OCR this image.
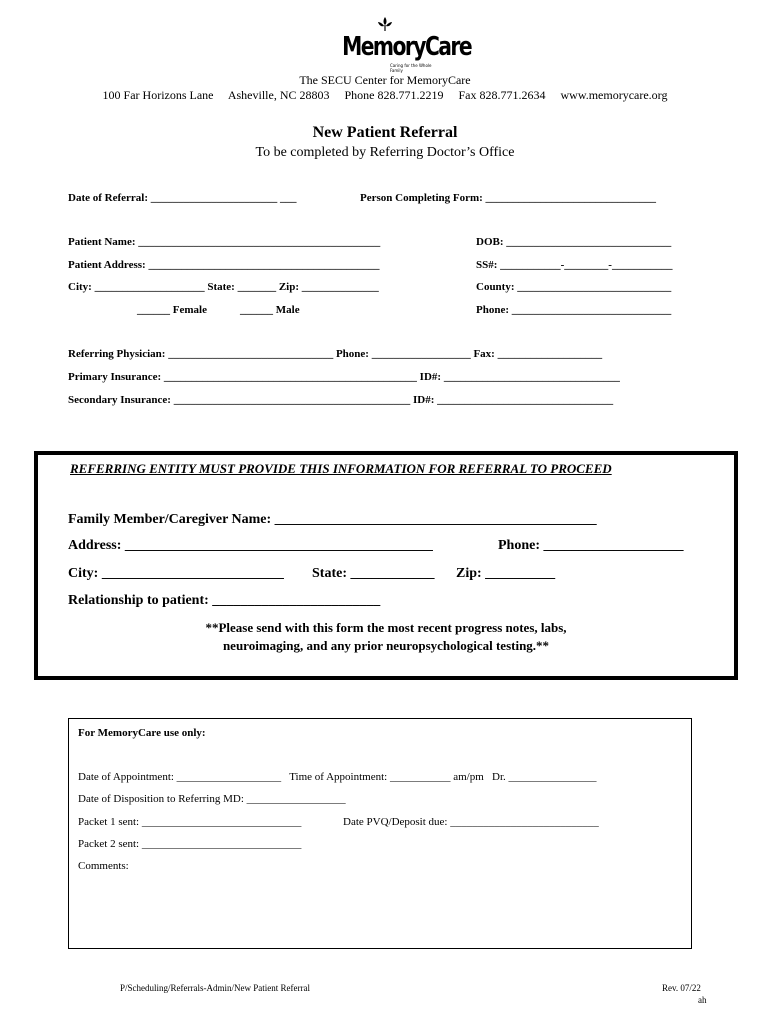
MemoryCare
Caring for the Whole Family
The SECU Center for MemoryCare
100 Far Horizons Lane     Asheville, NC 28803     Phone 828.771.2219     Fax 828.771.2634     www.memorycare.org
New Patient Referral
To be completed by Referring Doctor’s Office
Date of Referral: _______________________ ___	Person Completing Form: _______________________________
Patient Name: ____________________________________________	DOB: ______________________________
Patient Address: __________________________________________	SS#: ___________-________-___________
City: ____________________ State: _______ Zip: ______________	County: ____________________________
______ Female	______ Male	Phone: _____________________________
Referring Physician: ______________________________ Phone: __________________ Fax: ___________________
Primary Insurance: ______________________________________________ ID#: ________________________________
Secondary Insurance: ___________________________________________ ID#: ________________________________
REFERRING ENTITY MUST PROVIDE THIS INFORMATION FOR REFERRAL TO PROCEED
Family Member/Caregiver Name: ______________________________________________
Address: ____________________________________________	Phone: ____________________
City: __________________________ State: ____________ Zip: __________
Relationship to patient: ________________________
**Please send with this form the most recent progress notes, labs,
neuroimaging, and any prior neuropsychological testing.**
For MemoryCare use only:
Date of Appointment: ___________________   Time of Appointment: ___________ am/pm   Dr. ________________
Date of Disposition to Referring MD: __________________
Packet 1 sent: _____________________________	Date PVQ/Deposit due: ___________________________
Packet 2 sent: _____________________________
Comments:
P/Scheduling/Referrals-Admin/New Patient Referral	Rev. 07/22
ah
